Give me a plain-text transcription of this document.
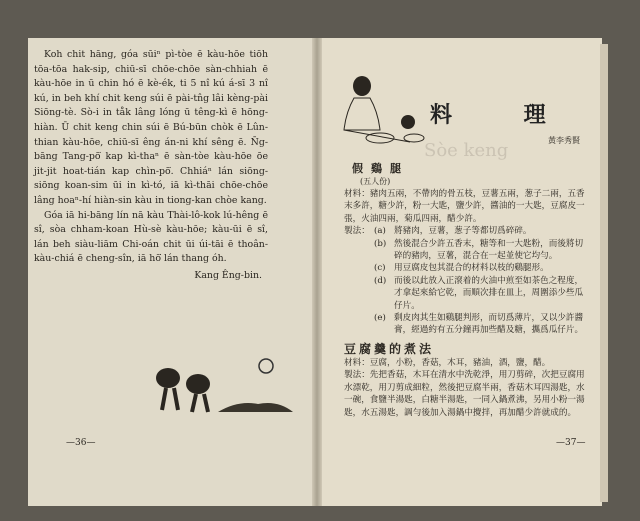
Koh chit hāng, góa sūiⁿ pì-tòe ē kàu-hōe tiōh tōa-tōa hak-sip, chiū-sī chōe-chōe sàn-chhiah ē kàu-hōe in ū chin hó ē kè-ék, ti 5 nî kú á-sī 3 nî kú, in beh khí chit keng súi ē pài-tn̂g lâi kèng-pài Siōng-tè. Sò-i in tåk lâng lóng ū têng-kì ē hōng-hiàn. Ū chit keng chin súi ē Bú-būn chòk ē Lûn-thian kàu-hōe, chiū-sī êng án-ni khí sêng ē. N̄g-bāng Tang-pō͘ kap kì-thaⁿ ē sàn-tòe kàu-hōe ōe jit-jit hoat-tián kap chìn-pō͘. Chhiáⁿ lán siōng-siōng koan-sim ūi in kì-tó, iā kì-thāi chōe-chōe lâng hoaⁿ-hí hiàn-sin kàu in tiong-kan chòe kang.

Góa iā hi-bāng lín nā kàu Thài-lô-kok lú-hêng ē sî, sòa chham-koan Hù-sè kàu-hōe; kàu-ūi ē sî, lán beh siàu-liām Chi-oán chit ūi úi-tāi ē thoân-kàu-chiá ē cheng-sîn, iā hō͘ lán thang óh.

Kang Êng-bin.

—36—
Sòe keng
料 理
黃李秀賢
假鷄腿
(五人份)
材料：豬肉五兩，不帶肉的骨五枝，豆薯五兩，葱子二兩，五香末多許，糖少許，粉一大匙，鹽少許，醬油的一大匙，豆腐皮一張，火油四兩，菊瓜四兩，醋少許。
製法： (a) 將豬肉，豆薯，葱子等都切爲碎碎。
(b) 然後混合少許五香末，糖等和一大匙粉，而後將切碎的豬肉，豆薯，混合在一起並使它均勻。
(c) 用豆腐皮包其混合的材料以枝的鷄腿形。
(d) 而後以此放入正滾着的火油中煎至如茶色之程度，才拿起來給它乾，而順次排在皿上，周圍添少些瓜仔片。
(e) 剩皮肉其生如鷄腿判形，而切爲薄片，又以少許醬膏，經過約有五分鐘再加些醋及糖，攜爲瓜仔片。
豆腐羹的煮法
材料：豆腐，小粉，香菇，木耳，豬油，酒，鹽，醋。
製法：先把香菇，木耳在清水中洗乾淨，用刀剪碎，次把豆腐用水漂乾，用刀剪成細粒，然後把豆腐半兩，香菇木耳四湯匙，水一碗，食鹽半湯匙，白糖半湯匙，一同入鍋煮沸，另用小粉一湯匙，水五湯匙，調勻後加入湯鍋中攪拌，再加醋少許就成的。
—37—
